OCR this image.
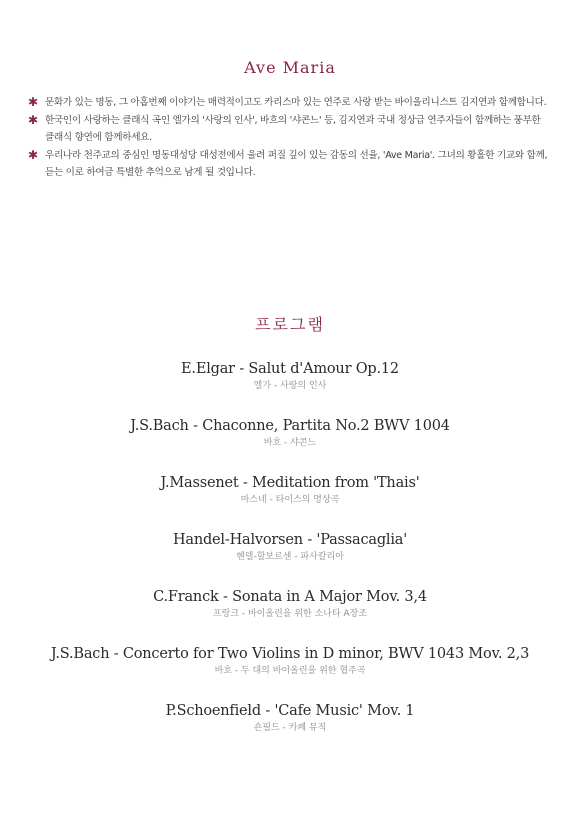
Ave Maria
✱ 문화가 있는 명동, 그 아홉번째 이야기는 매력적이고도 카리스마 있는 연주로 사랑 받는 바이올리니스트 김지연과 함께합니다.
✱ 한국인이 사랑하는 클래식 곡인 엘가의 '사랑의 인사', 바흐의 '샤콘느' 등, 김지연과 국내 정상급 연주자들이 함께하는 풍부한 클래식 향연에 함께하세요.
✱ 우리나라 천주교의 중심인 명동대성당 대성전에서 울려 퍼질 깊이 있는 감동의 선율, 'Ave Maria'. 그녀의 황홀한 기교와 함께, 듣는 이로 하여금 특별한 추억으로 남게 될 것입니다.
프로그램
E.Elgar - Salut d'Amour Op.12
엘가 - 사랑의 인사
J.S.Bach - Chaconne, Partita No.2 BWV 1004
바흐 - 샤콘느
J.Massenet - Meditation from 'Thais'
마스네 - 타이스의 명상곡
Handel-Halvorsen - 'Passacaglia'
헨델-할보르센 - 파사칼리아
C.Franck - Sonata in A Major Mov. 3,4
프랑크 - 바이올린을 위한 소나타 A장조
J.S.Bach - Concerto for Two Violins in D minor, BWV 1043 Mov. 2,3
바흐 - 두 대의 바이올린을 위한 협주곡
P.Schoenfield - 'Cafe Music' Mov. 1
숀필드 - 카페 뮤직
